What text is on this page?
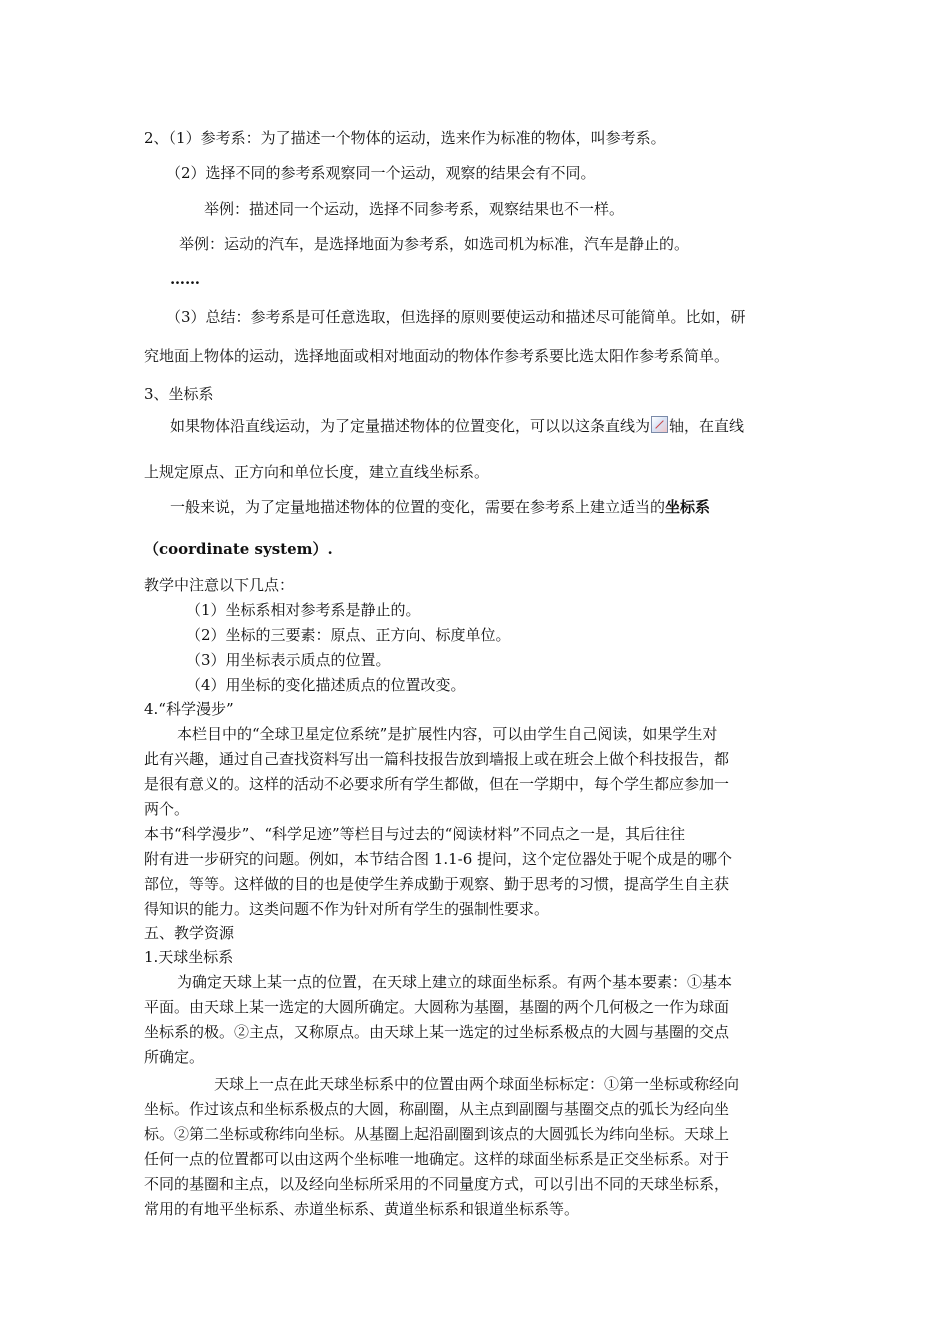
2、（1）参考系：为了描述一个物体的运动，选来作为标准的物体，叫参考系。
（2）选择不同的参考系观察同一个运动，观察的结果会有不同。
举例：描述同一个运动，选择不同参考系，观察结果也不一样。
举例：运动的汽车，是选择地面为参考系，如选司机为标准，汽车是静止的。
……
（3）总结：参考系是可任意选取，但选择的原则要使运动和描述尽可能简单。比如，研
究地面上物体的运动，选择地面或相对地面动的物体作参考系要比选太阳作参考系简单。
3、坐标系
如果物体沿直线运动，为了定量描述物体的位置变化，可以以这条直线为 轴，在直线
上规定原点、正方向和单位长度，建立直线坐标系。
一般来说，为了定量地描述物体的位置的变化，需要在参考系上建立适当的坐标系
（coordinate system）.
教学中注意以下几点：
（1）坐标系相对参考系是静止的。
（2）坐标的三要素：原点、正方向、标度单位。
（3）用坐标表示质点的位置。
（4）用坐标的变化描述质点的位置改变。
4.“科学漫步”
本栏目中的“全球卫星定位系统”是扩展性内容，可以由学生自己阅读，如果学生对
此有兴趣，通过自己查找资料写出一篇科技报告放到墙报上或在班会上做个科技报告，都
是很有意义的。这样的活动不必要求所有学生都做，但在一学期中，每个学生都应参加一
两个。
本书“科学漫步”、“科学足迹”等栏目与过去的“阅读材料”不同点之一是，其后往往
附有进一步研究的问题。例如，本节结合图 1.1-6 提问，这个定位器处于呢个成是的哪个
部位，等等。这样做的目的也是使学生养成勤于观察、勤于思考的习惯，提高学生自主获
得知识的能力。这类问题不作为针对所有学生的强制性要求。
五、教学资源
1.天球坐标系
为确定天球上某一点的位置，在天球上建立的球面坐标系。有两个基本要素：①基本
平面。由天球上某一选定的大圆所确定。大圆称为基圈，基圈的两个几何极之一作为球面
坐标系的极。②主点，又称原点。由天球上某一选定的过坐标系极点的大圆与基圈的交点
所确定。
天球上一点在此天球坐标系中的位置由两个球面坐标标定：①第一坐标或称经向
坐标。作过该点和坐标系极点的大圆，称副圈，从主点到副圈与基圈交点的弧长为经向坐
标。②第二坐标或称纬向坐标。从基圈上起沿副圈到该点的大圆弧长为纬向坐标。天球上
任何一点的位置都可以由这两个坐标唯一地确定。这样的球面坐标系是正交坐标系。对于
不同的基圈和主点，以及经向坐标所采用的不同量度方式，可以引出不同的天球坐标系，
常用的有地平坐标系、赤道坐标系、黄道坐标系和银道坐标系等。
